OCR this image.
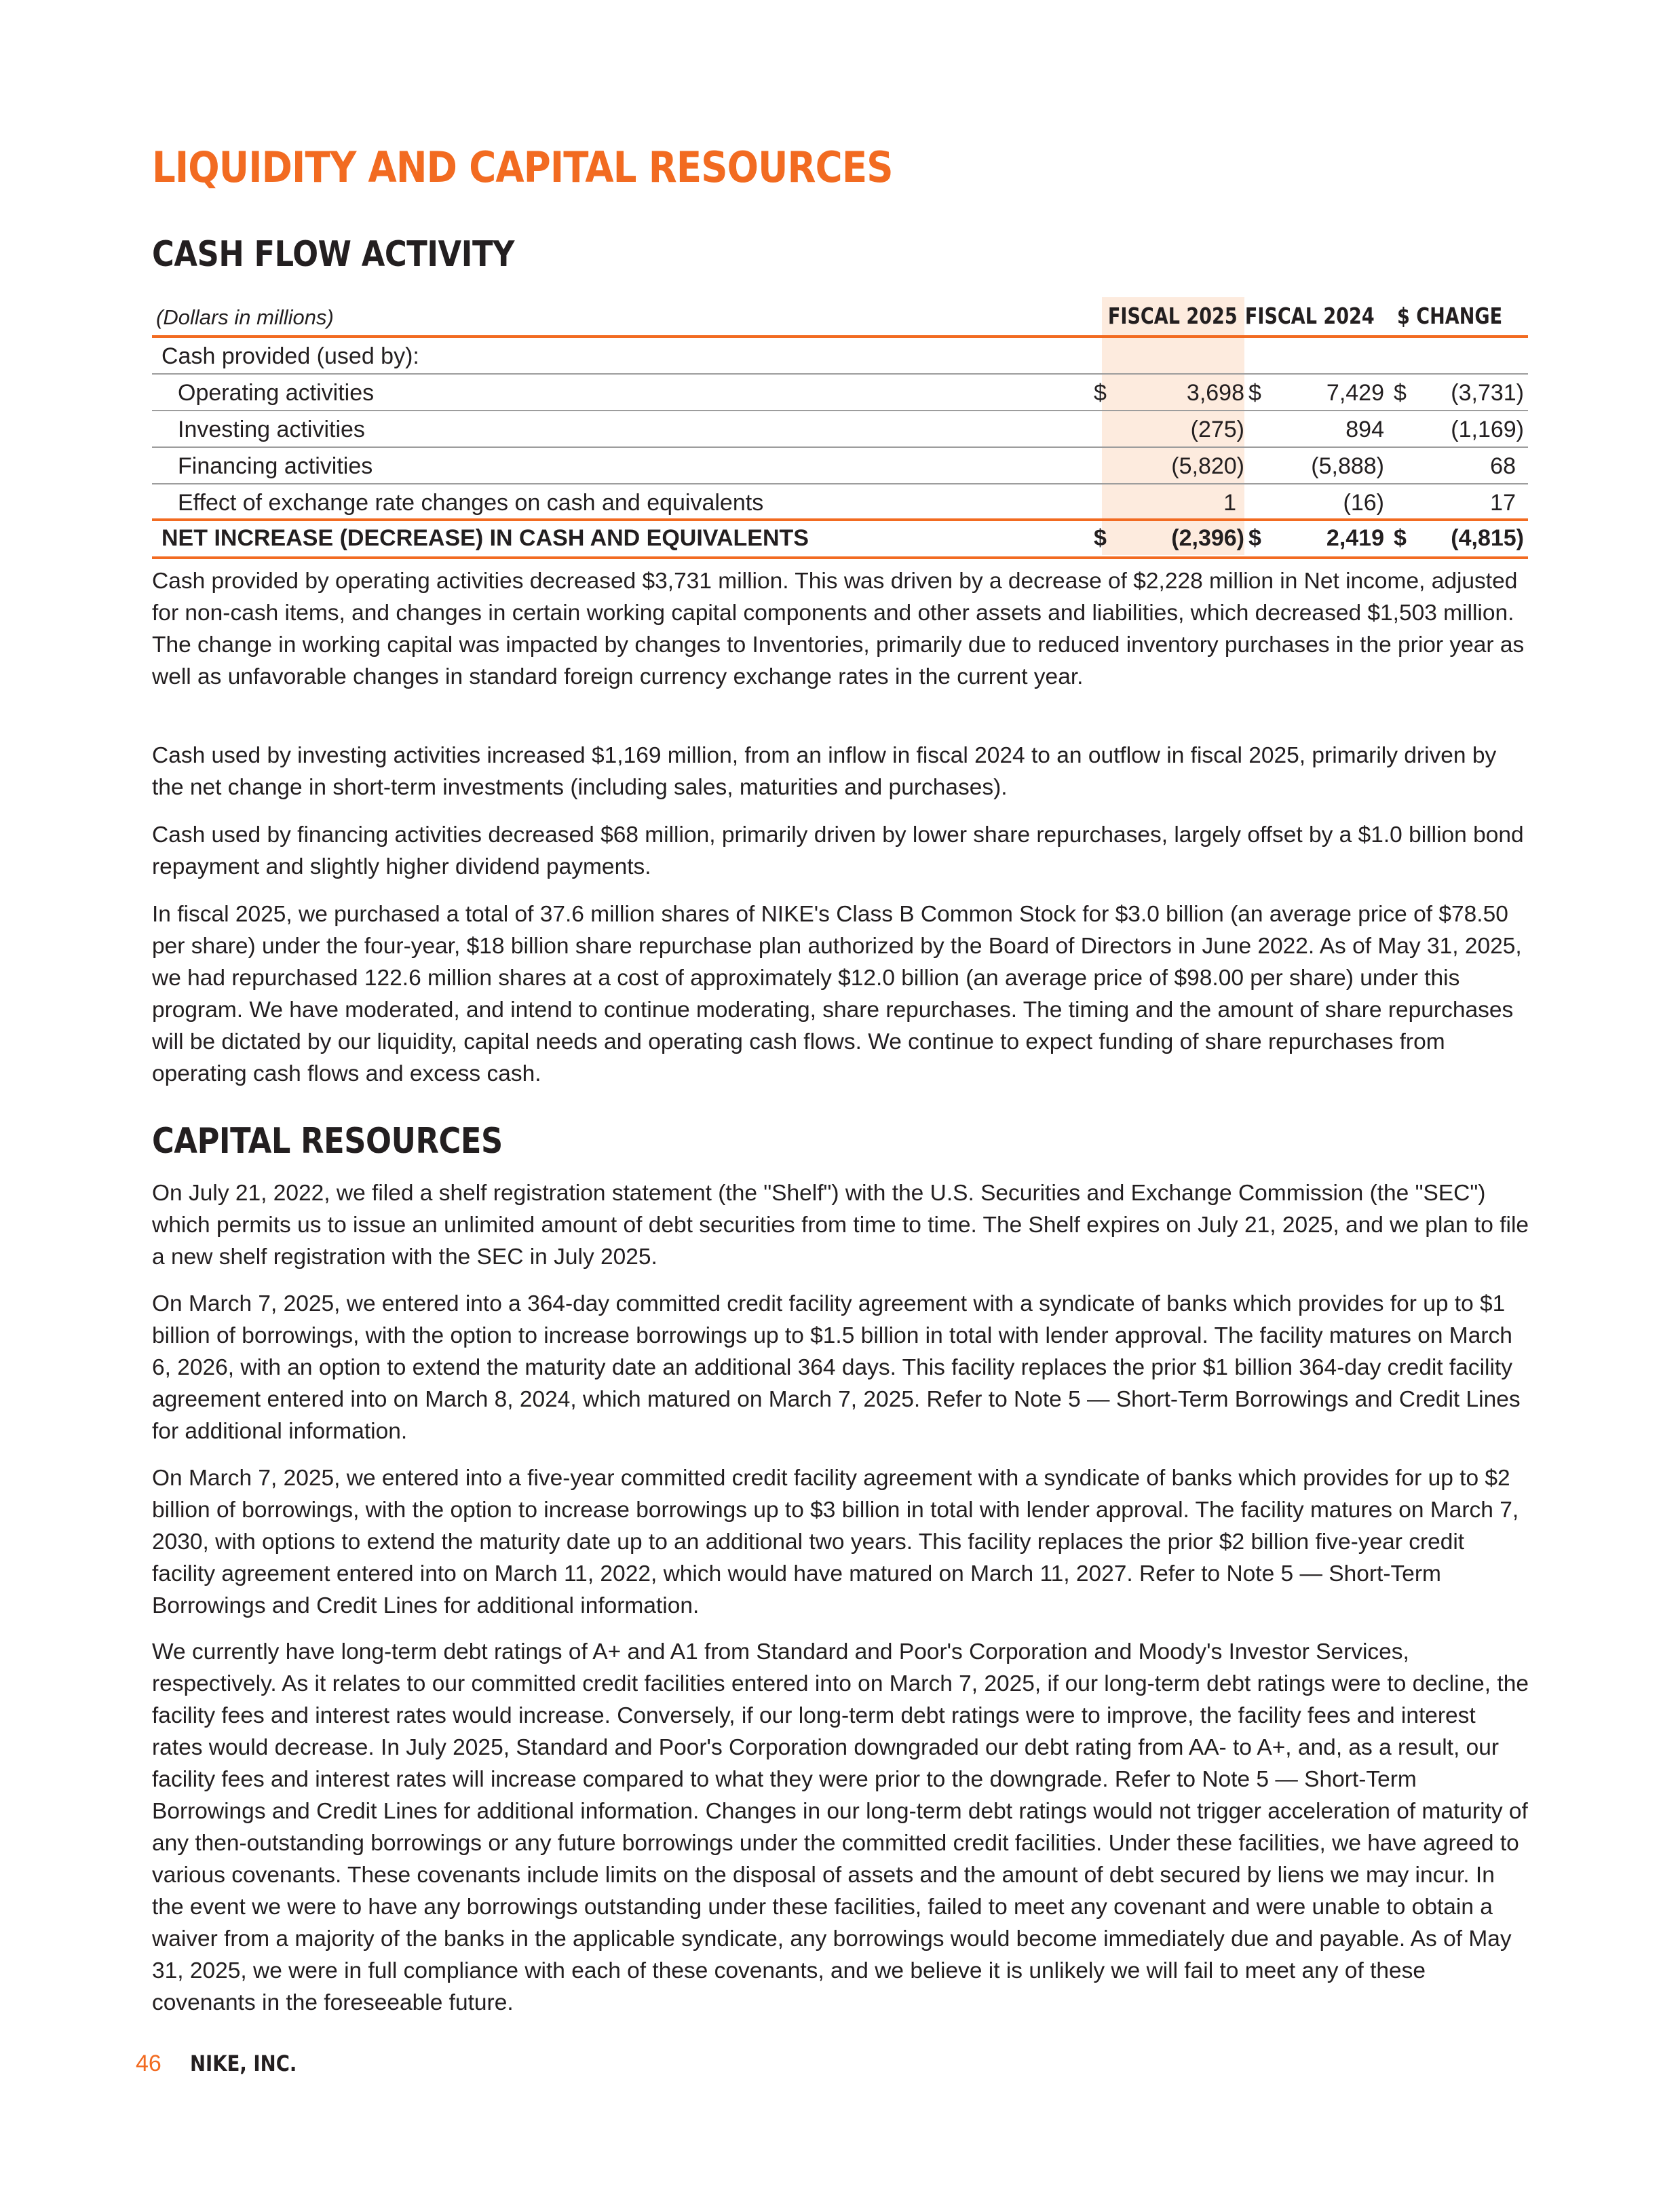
LIQUIDITY AND CAPITAL RESOURCES
CASH FLOW ACTIVITY
(Dollars in millions)	FISCAL 2025 FISCAL 2024 $ CHANGE
Cash provided (used by):
Operating activities	$	3,698 $	7,429 $ (3,731)
Investing activities	(275)	894	(1,169)
Financing activities	(5,820)	(5,888)	68
Effect of exchange rate changes on cash and equivalents	1	(16)	17
NET INCREASE (DECREASE) IN CASH AND EQUIVALENTS	$	(2,396) $	2,419 $ (4,815)

Cash provided by operating activities decreased $3,731 million. This was driven by a decrease of $2,228 million in Net income, adjusted for non-cash items, and changes in certain working capital components and other assets and liabilities, which decreased $1,503 million. The change in working capital was impacted by changes to Inventories, primarily due to reduced inventory purchases in the prior year as well as unfavorable changes in standard foreign currency exchange rates in the current year.

Cash used by investing activities increased $1,169 million, from an inflow in fiscal 2024 to an outflow in fiscal 2025, primarily driven by the net change in short-term investments (including sales, maturities and purchases).

Cash used by financing activities decreased $68 million, primarily driven by lower share repurchases, largely offset by a $1.0 billion bond repayment and slightly higher dividend payments.

In fiscal 2025, we purchased a total of 37.6 million shares of NIKE's Class B Common Stock for $3.0 billion (an average price of $78.50 per share) under the four-year, $18 billion share repurchase plan authorized by the Board of Directors in June 2022. As of May 31, 2025, we had repurchased 122.6 million shares at a cost of approximately $12.0 billion (an average price of $98.00 per share) under this program. We have moderated, and intend to continue moderating, share repurchases. The timing and the amount of share repurchases will be dictated by our liquidity, capital needs and operating cash flows. We continue to expect funding of share repurchases from operating cash flows and excess cash.

CAPITAL RESOURCES

On July 21, 2022, we filed a shelf registration statement (the "Shelf") with the U.S. Securities and Exchange Commission (the "SEC") which permits us to issue an unlimited amount of debt securities from time to time. The Shelf expires on July 21, 2025, and we plan to file a new shelf registration with the SEC in July 2025.

On March 7, 2025, we entered into a 364-day committed credit facility agreement with a syndicate of banks which provides for up to $1 billion of borrowings, with the option to increase borrowings up to $1.5 billion in total with lender approval. The facility matures on March 6, 2026, with an option to extend the maturity date an additional 364 days. This facility replaces the prior $1 billion 364-day credit facility agreement entered into on March 8, 2024, which matured on March 7, 2025. Refer to Note 5 — Short-Term Borrowings and Credit Lines for additional information.

On March 7, 2025, we entered into a five-year committed credit facility agreement with a syndicate of banks which provides for up to $2 billion of borrowings, with the option to increase borrowings up to $3 billion in total with lender approval. The facility matures on March 7, 2030, with options to extend the maturity date up to an additional two years. This facility replaces the prior $2 billion five-year credit facility agreement entered into on March 11, 2022, which would have matured on March 11, 2027. Refer to Note 5 — Short-Term Borrowings and Credit Lines for additional information.

We currently have long-term debt ratings of A+ and A1 from Standard and Poor's Corporation and Moody's Investor Services, respectively. As it relates to our committed credit facilities entered into on March 7, 2025, if our long-term debt ratings were to decline, the facility fees and interest rates would increase. Conversely, if our long-term debt ratings were to improve, the facility fees and interest rates would decrease. In July 2025, Standard and Poor's Corporation downgraded our debt rating from AA- to A+, and, as a result, our facility fees and interest rates will increase compared to what they were prior to the downgrade. Refer to Note 5 — Short-Term Borrowings and Credit Lines for additional information. Changes in our long-term debt ratings would not trigger acceleration of maturity of any then-outstanding borrowings or any future borrowings under the committed credit facilities. Under these facilities, we have agreed to various covenants. These covenants include limits on the disposal of assets and the amount of debt secured by liens we may incur. In the event we were to have any borrowings outstanding under these facilities, failed to meet any covenant and were unable to obtain a waiver from a majority of the banks in the applicable syndicate, any borrowings would become immediately due and payable. As of May 31, 2025, we were in full compliance with each of these covenants, and we believe it is unlikely we will fail to meet any of these covenants in the foreseeable future.

46 NIKE, INC.
